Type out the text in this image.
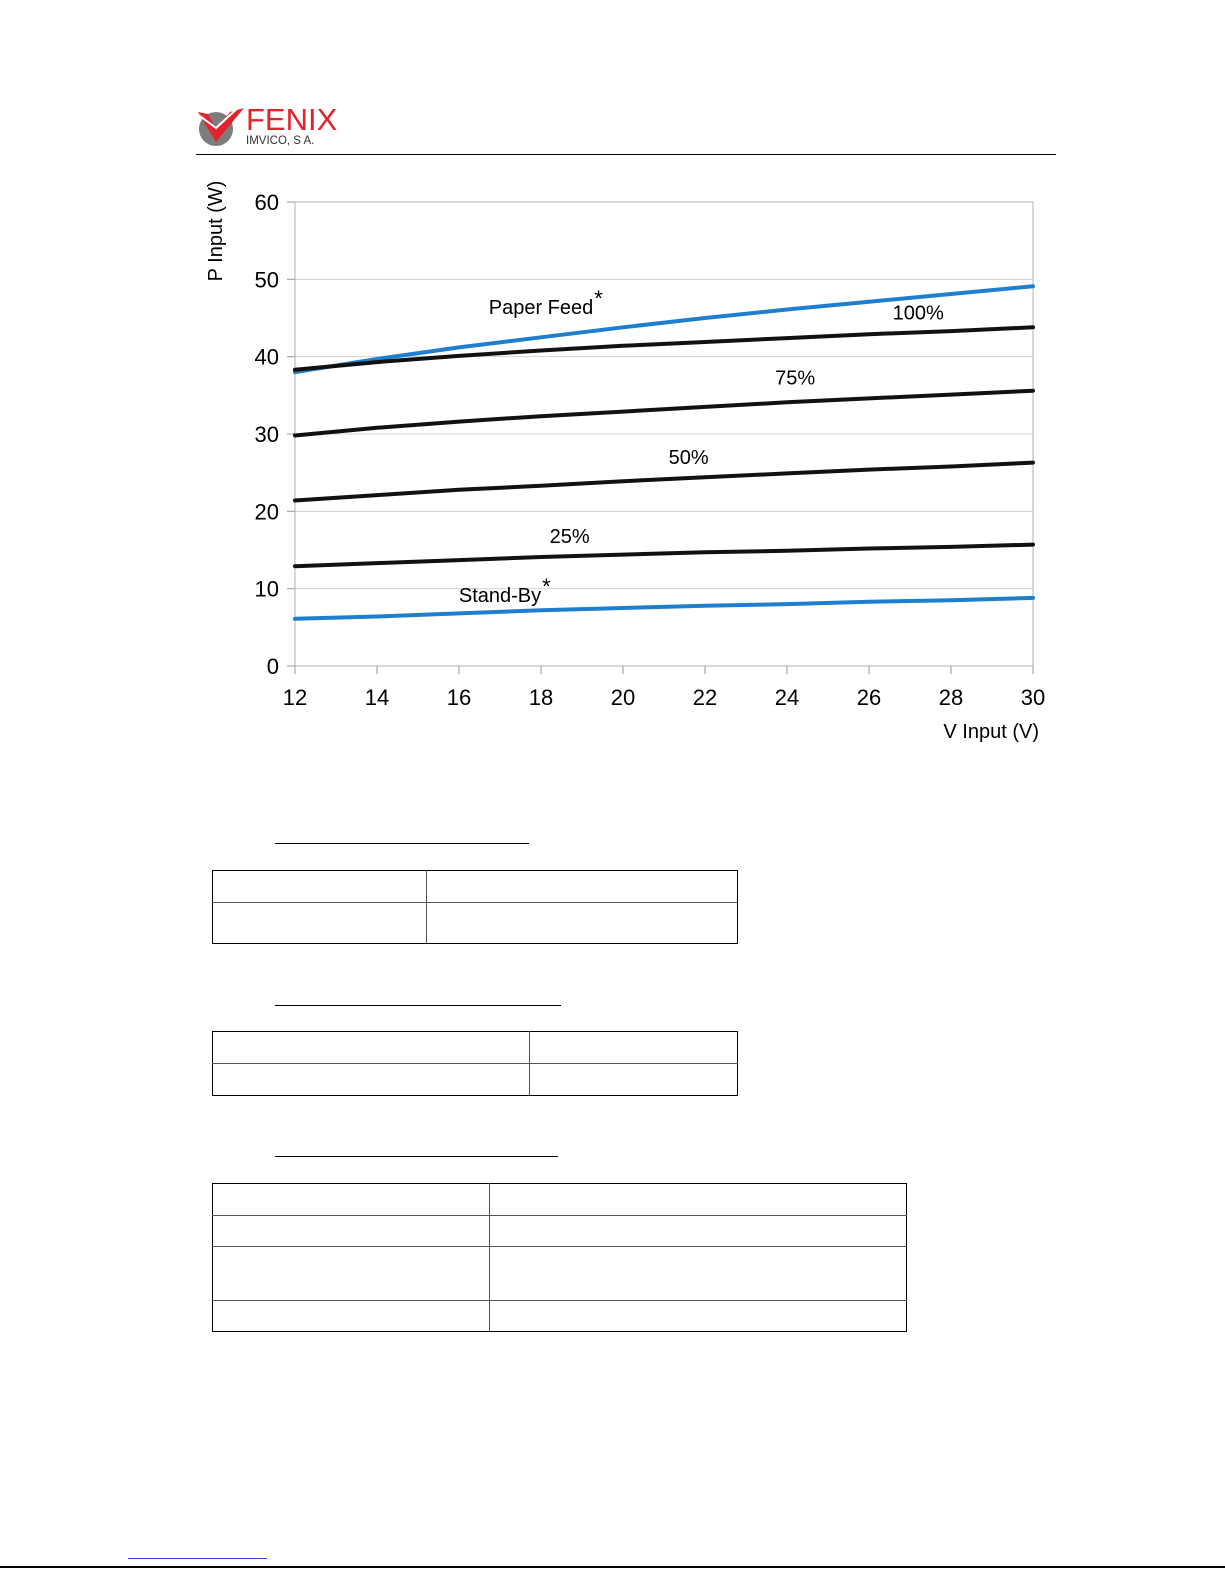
FENIX
IMVICO, S A.
0
10
20
30
40
50
60
12	14	16	18	20	22	24	26	28	30
V Input (V)
P Input (W)
Paper Feed *
100%
75%
50%
25%
Stand-By *
